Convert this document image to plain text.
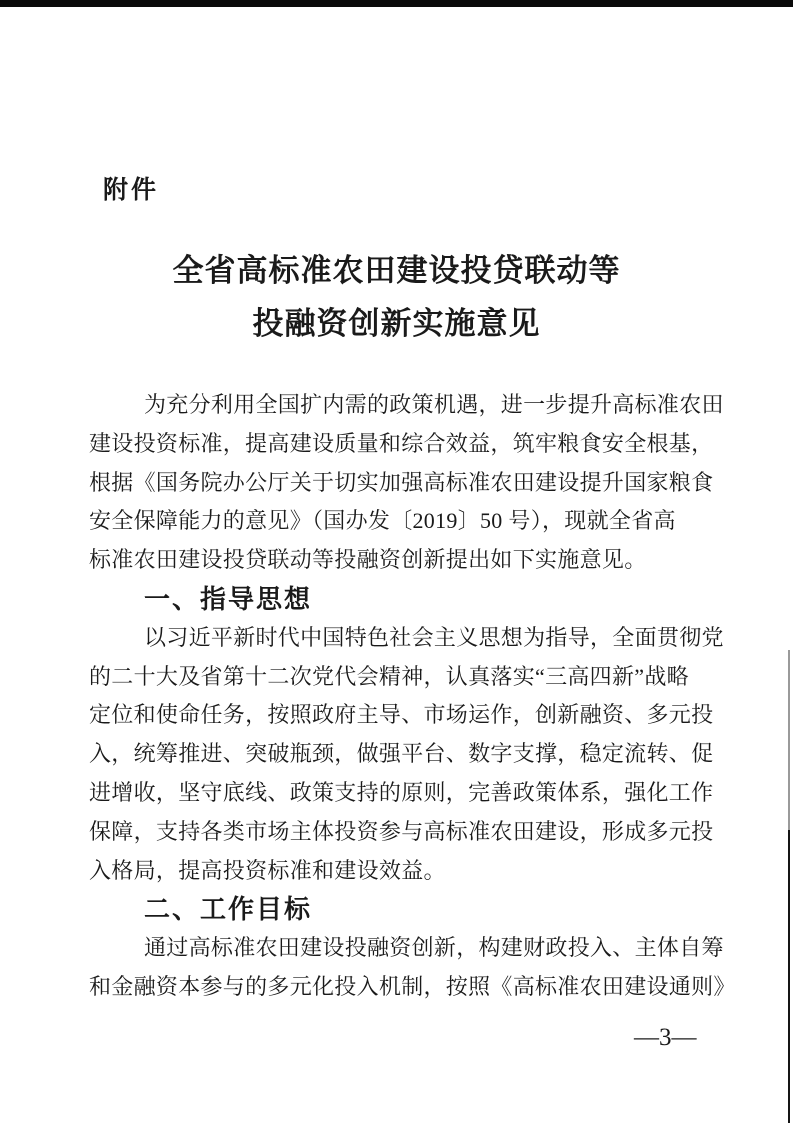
附件
全省高标准农田建设投贷联动等
投融资创新实施意见
为充分利用全国扩内需的政策机遇，进一步提升高标准农田
建设投资标准，提高建设质量和综合效益，筑牢粮食安全根基，
根据《国务院办公厅关于切实加强高标准农田建设提升国家粮食
安全保障能力的意见》（国办发〔2019〕50 号），现就全省高
标准农田建设投贷联动等投融资创新提出如下实施意见。
一、指导思想
以习近平新时代中国特色社会主义思想为指导，全面贯彻党
的二十大及省第十二次党代会精神，认真落实“三高四新”战略
定位和使命任务，按照政府主导、市场运作，创新融资、多元投
入，统筹推进、突破瓶颈，做强平台、数字支撑，稳定流转、促
进增收，坚守底线、政策支持的原则，完善政策体系，强化工作
保障，支持各类市场主体投资参与高标准农田建设，形成多元投
入格局，提高投资标准和建设效益。
二、工作目标
通过高标准农田建设投融资创新，构建财政投入、主体自筹
和金融资本参与的多元化投入机制，按照《高标准农田建设通则》
—3—
